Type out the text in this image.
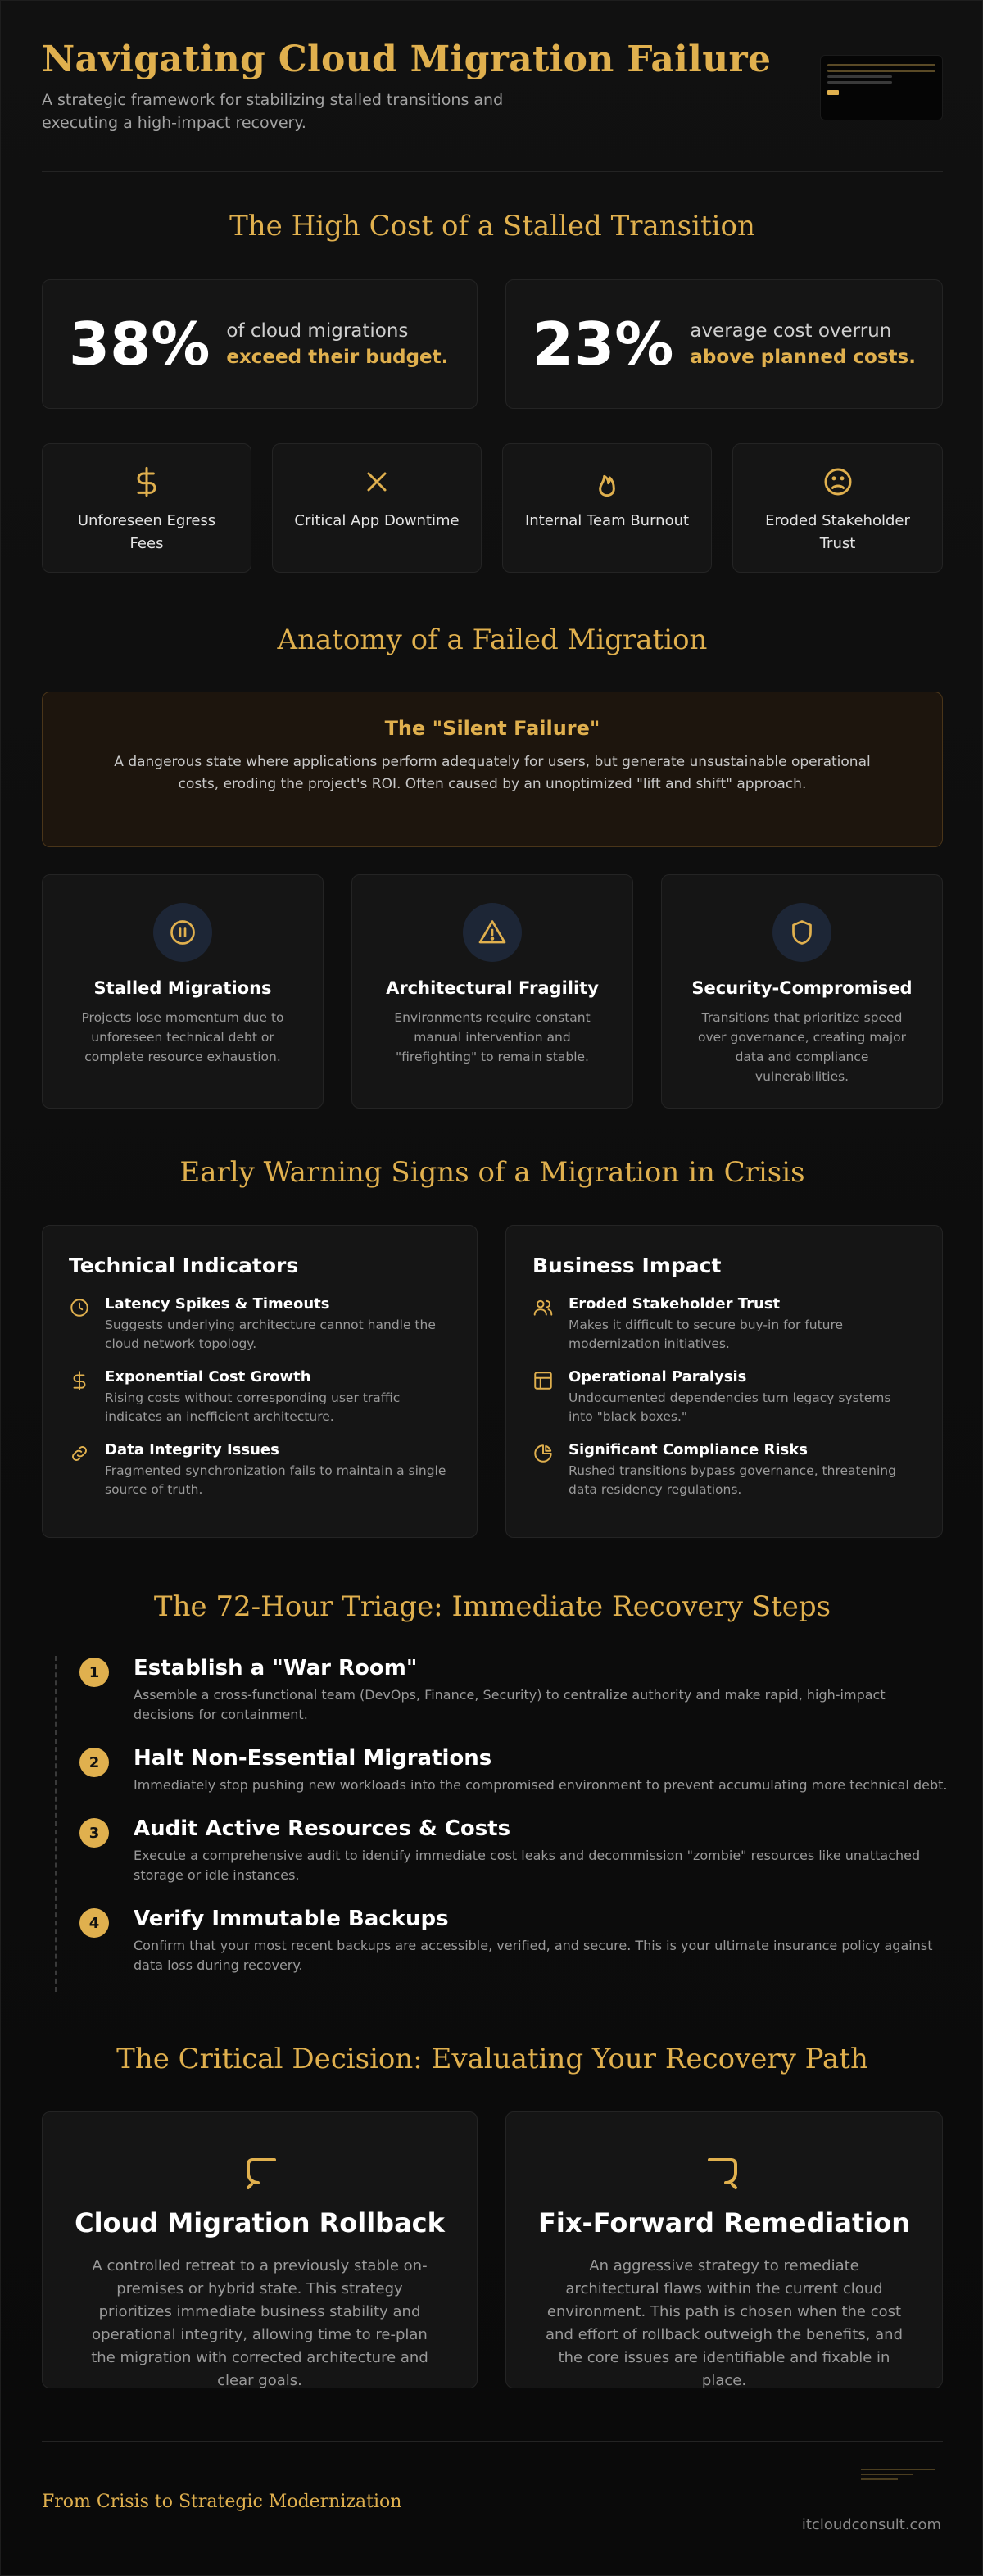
Navigating Cloud Migration Failure
A strategic framework for stabilizing stalled transitions and executing a high-impact recovery.
The High Cost of a Stalled Transition
38% of cloud migrations
exceed their budget. 23% average cost overrun
above planned costs.
Unforeseen Egress Fees
Critical App Downtime	Internal Team Burnout	Eroded Stakeholder Trust
Anatomy of a Failed Migration
The "Silent Failure"
A dangerous state where applications perform adequately for users, but generate unsustainable operational costs, eroding the project's ROI. Often caused by an unoptimized "lift and shift" approach.
Stalled Migrations
Projects lose momentum due to unforeseen technical debt or complete resource exhaustion.
Architectural Fragility
Environments require constant manual intervention and "firefighting" to remain stable.
Security-Compromised
Transitions that prioritize speed over governance, creating major data and compliance vulnerabilities.
Early Warning Signs of a Migration in Crisis
Technical Indicators
Latency Spikes & Timeouts
Suggests underlying architecture cannot handle the cloud network topology.
Exponential Cost Growth
Rising costs without corresponding user traffic indicates an inefficient architecture.
Data Integrity Issues
Fragmented synchronization fails to maintain a single source of truth.
Business Impact
Eroded Stakeholder Trust
Makes it difficult to secure buy-in for future modernization initiatives.
Operational Paralysis
Undocumented dependencies turn legacy systems into "black boxes."
Significant Compliance Risks
Rushed transitions bypass governance, threatening data residency regulations.
The 72-Hour Triage: Immediate Recovery Steps
1	Establish a "War Room"
Assemble a cross-functional team (DevOps, Finance, Security) to centralize authority and make rapid, high-impact decisions for containment.
2	Halt Non-Essential Migrations
Immediately stop pushing new workloads into the compromised environment to prevent accumulating more technical debt.
3	Audit Active Resources & Costs
Execute a comprehensive audit to identify immediate cost leaks and decommission "zombie" resources like unattached storage or idle instances.
4	Verify Immutable Backups
Confirm that your most recent backups are accessible, verified, and secure. This is your ultimate insurance policy against data loss during recovery.
The Critical Decision: Evaluating Your Recovery Path
Cloud Migration Rollback
A controlled retreat to a previously stable on-premises or hybrid state. This strategy prioritizes immediate business stability and operational integrity, allowing time to re-plan the migration with corrected architecture and clear goals.
Fix-Forward Remediation
An aggressive strategy to remediate architectural flaws within the current cloud environment. This path is chosen when the cost and effort of rollback outweigh the benefits, and the core issues are identifiable and fixable in place.
From Crisis to Strategic Modernization
itcloudconsult.com
